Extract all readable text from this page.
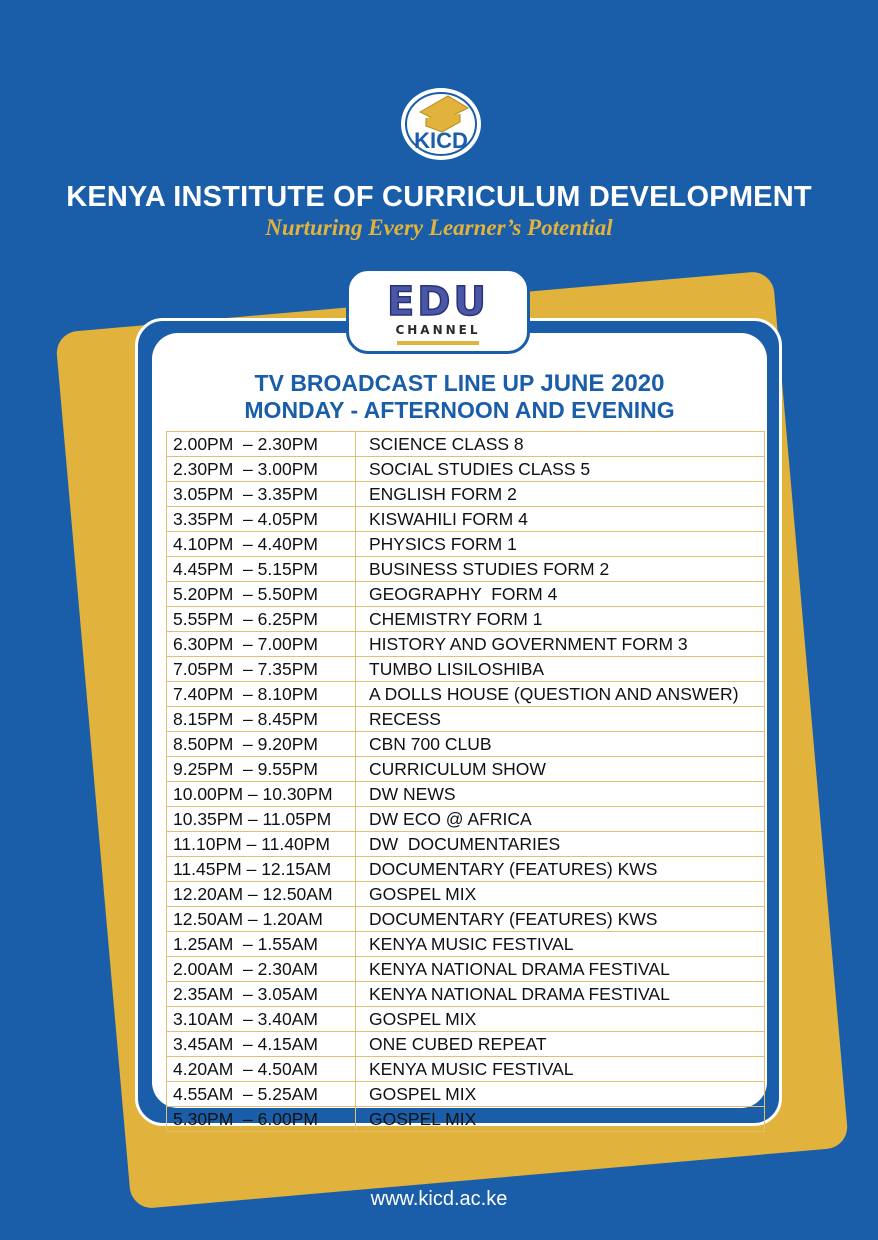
KICD
KENYA INSTITUTE OF CURRICULUM DEVELOPMENT
Nurturing Every Learner’s Potential
EDU
CHANNEL
TV BROADCAST LINE UP JUNE 2020
MONDAY - AFTERNOON AND EVENING
2.00PM  – 2.30PM	SCIENCE CLASS 8
2.30PM  – 3.00PM	SOCIAL STUDIES CLASS 5
3.05PM  – 3.35PM	ENGLISH FORM 2
3.35PM  – 4.05PM	KISWAHILI FORM 4
4.10PM  – 4.40PM	PHYSICS FORM 1
4.45PM  – 5.15PM	BUSINESS STUDIES FORM 2
5.20PM  – 5.50PM	GEOGRAPHY  FORM 4
5.55PM  – 6.25PM	CHEMISTRY FORM 1
6.30PM  – 7.00PM	HISTORY AND GOVERNMENT FORM 3
7.05PM  – 7.35PM	TUMBO LISILOSHIBA
7.40PM  – 8.10PM	A DOLLS HOUSE (QUESTION AND ANSWER)
8.15PM  – 8.45PM	RECESS
8.50PM  – 9.20PM	CBN 700 CLUB
9.25PM  – 9.55PM	CURRICULUM SHOW
10.00PM – 10.30PM	DW NEWS
10.35PM – 11.05PM	DW ECO @ AFRICA
11.10PM – 11.40PM	DW  DOCUMENTARIES
11.45PM – 12.15AM	DOCUMENTARY (FEATURES) KWS
12.20AM – 12.50AM	GOSPEL MIX
12.50AM – 1.20AM	DOCUMENTARY (FEATURES) KWS
1.25AM  – 1.55AM	KENYA MUSIC FESTIVAL
2.00AM  – 2.30AM	KENYA NATIONAL DRAMA FESTIVAL
2.35AM  – 3.05AM	KENYA NATIONAL DRAMA FESTIVAL
3.10AM  – 3.40AM	GOSPEL MIX
3.45AM  – 4.15AM	ONE CUBED REPEAT
4.20AM  – 4.50AM	KENYA MUSIC FESTIVAL
4.55AM  – 5.25AM	GOSPEL MIX
5.30PM  – 6.00PM	GOSPEL MIX
www.kicd.ac.ke
